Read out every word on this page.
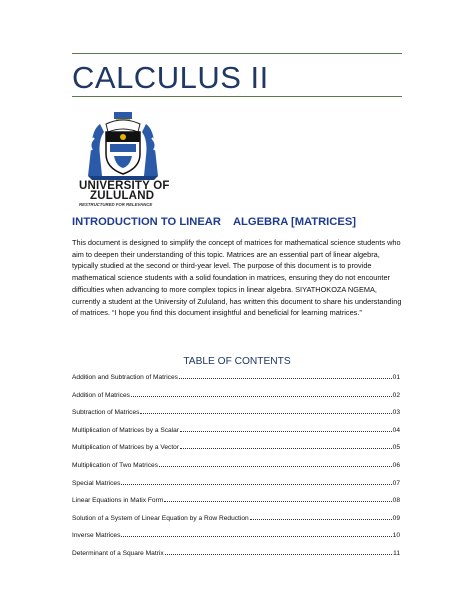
CALCULUS II
UNIVERSITY OF
ZULULAND
RESTRUCTURED FOR RELEVANCE
INTRODUCTION TO LINEAR    ALGEBRA [MATRICES]

This document is designed to simplify the concept of matrices for mathematical science students who aim to deepen their understanding of this topic. Matrices are an essential part of linear algebra, typically studied at the second or third-year level. The purpose of this document is to provide mathematical science students with a solid foundation in matrices, ensuring they do not encounter difficulties when advancing to more complex topics in linear algebra. SIYATHOKOZA NGEMA, currently a student at the University of Zululand, has written this document to share his understanding of matrices. “I hope you find this document insightful and beneficial for learning matrices.”

TABLE OF CONTENTS
Addition and Subtraction of Matrices	01
Addition of Matrices	02
Subtraction of Matrices	03
Multiplication of Matrices by a Scalar	04
Multiplication of Matrices by a Vector	05
Multiplication of Two Matrices	06
Special Matrices	07
Linear Equations in Matix Form	08
Solution of a System of Linear Equation by a Row Reduction	09
Inverse Matrices	10
Determinant of a Square Matrix	11
